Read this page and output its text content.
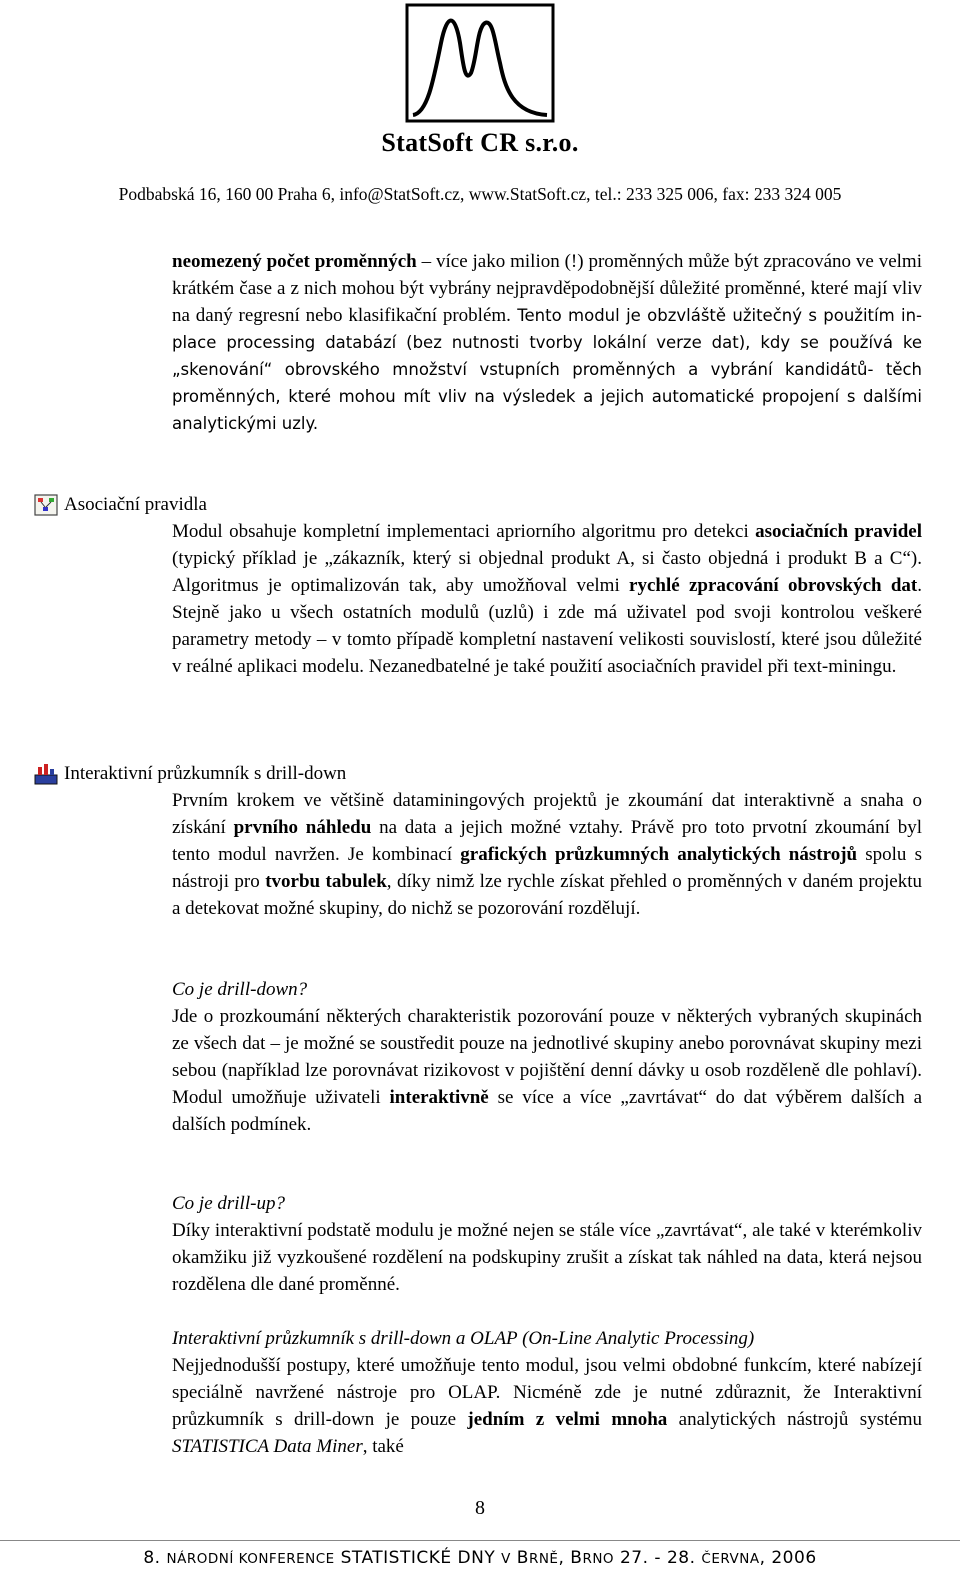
StatSoft CR s.r.o.
Podbabská 16, 160 00 Praha 6, info@StatSoft.cz, www.StatSoft.cz, tel.: 233 325 006, fax: 233 324 005
neomezený počet proměnných – více jako milion (!) proměnných může být zpracováno ve velmi krátkém čase a z nich mohou být vybrány nejpravděpodobnější důležité proměnné, které mají vliv na daný regresní nebo klasifikační problém. Tento modul je obzvláště užitečný s použitím in-place processing databází (bez nutnosti tvorby lokální verze dat), kdy se používá ke „skenování“ obrovského množství vstupních proměnných a vybrání kandidátů- těch proměnných, které mohou mít vliv na výsledek a jejich automatické propojení s dalšími analytickými uzly.
Asociační pravidla
Modul obsahuje kompletní implementaci apriorního algoritmu pro detekci asociačních pravidel (typický příklad je „zákazník, který si objednal produkt A, si často objedná i produkt B a C“). Algoritmus je optimalizován tak, aby umožňoval velmi rychlé zpracování obrovských dat. Stejně jako u všech ostatních modulů (uzlů) i zde má uživatel pod svoji kontrolou veškeré parametry metody – v tomto případě kompletní nastavení velikosti souvislostí, které jsou důležité v reálné aplikaci modelu. Nezanedbatelné je také použití asociačních pravidel při text-miningu.
Interaktivní průzkumník s drill-down
Prvním krokem ve většině dataminingových projektů je zkoumání dat interaktivně a snaha o získání prvního náhledu na data a jejich možné vztahy. Právě pro toto prvotní zkoumání byl tento modul navržen. Je kombinací grafických průzkumných analytických nástrojů spolu s nástroji pro tvorbu tabulek, díky nimž lze rychle získat přehled o proměnných v daném projektu a detekovat možné skupiny, do nichž se pozorování rozdělují.
Co je drill-down?
Jde o prozkoumání některých charakteristik pozorování pouze v některých vybraných skupinách ze všech dat – je možné se soustředit pouze na jednotlivé skupiny anebo porovnávat skupiny mezi sebou (například lze porovnávat rizikovost v pojištění denní dávky u osob rozděleně dle pohlaví). Modul umožňuje uživateli interaktivně se více a více „zavrtávat“ do dat výběrem dalších a dalších podmínek.
Co je drill-up?
Díky interaktivní podstatě modulu je možné nejen se stále více „zavrtávat“, ale také v kterémkoliv okamžiku již vyzkoušené rozdělení na podskupiny zrušit a získat tak náhled na data, která nejsou rozdělena dle dané proměnné.
Interaktivní průzkumník s drill-down a OLAP (On-Line Analytic Processing)
Nejjednodušší postupy, které umožňuje tento modul, jsou velmi obdobné funkcím, které nabízejí speciálně navržené nástroje pro OLAP. Nicméně zde je nutné zdůraznit, že Interaktivní průzkumník s drill-down je pouze jedním z velmi mnoha analytických nástrojů systému STATISTICA Data Miner, také
8
8. NÁRODNÍ KONFERENCE STATISTICKÉ DNY V BRNĚ, BRNO 27. - 28. ČERVNA, 2006
